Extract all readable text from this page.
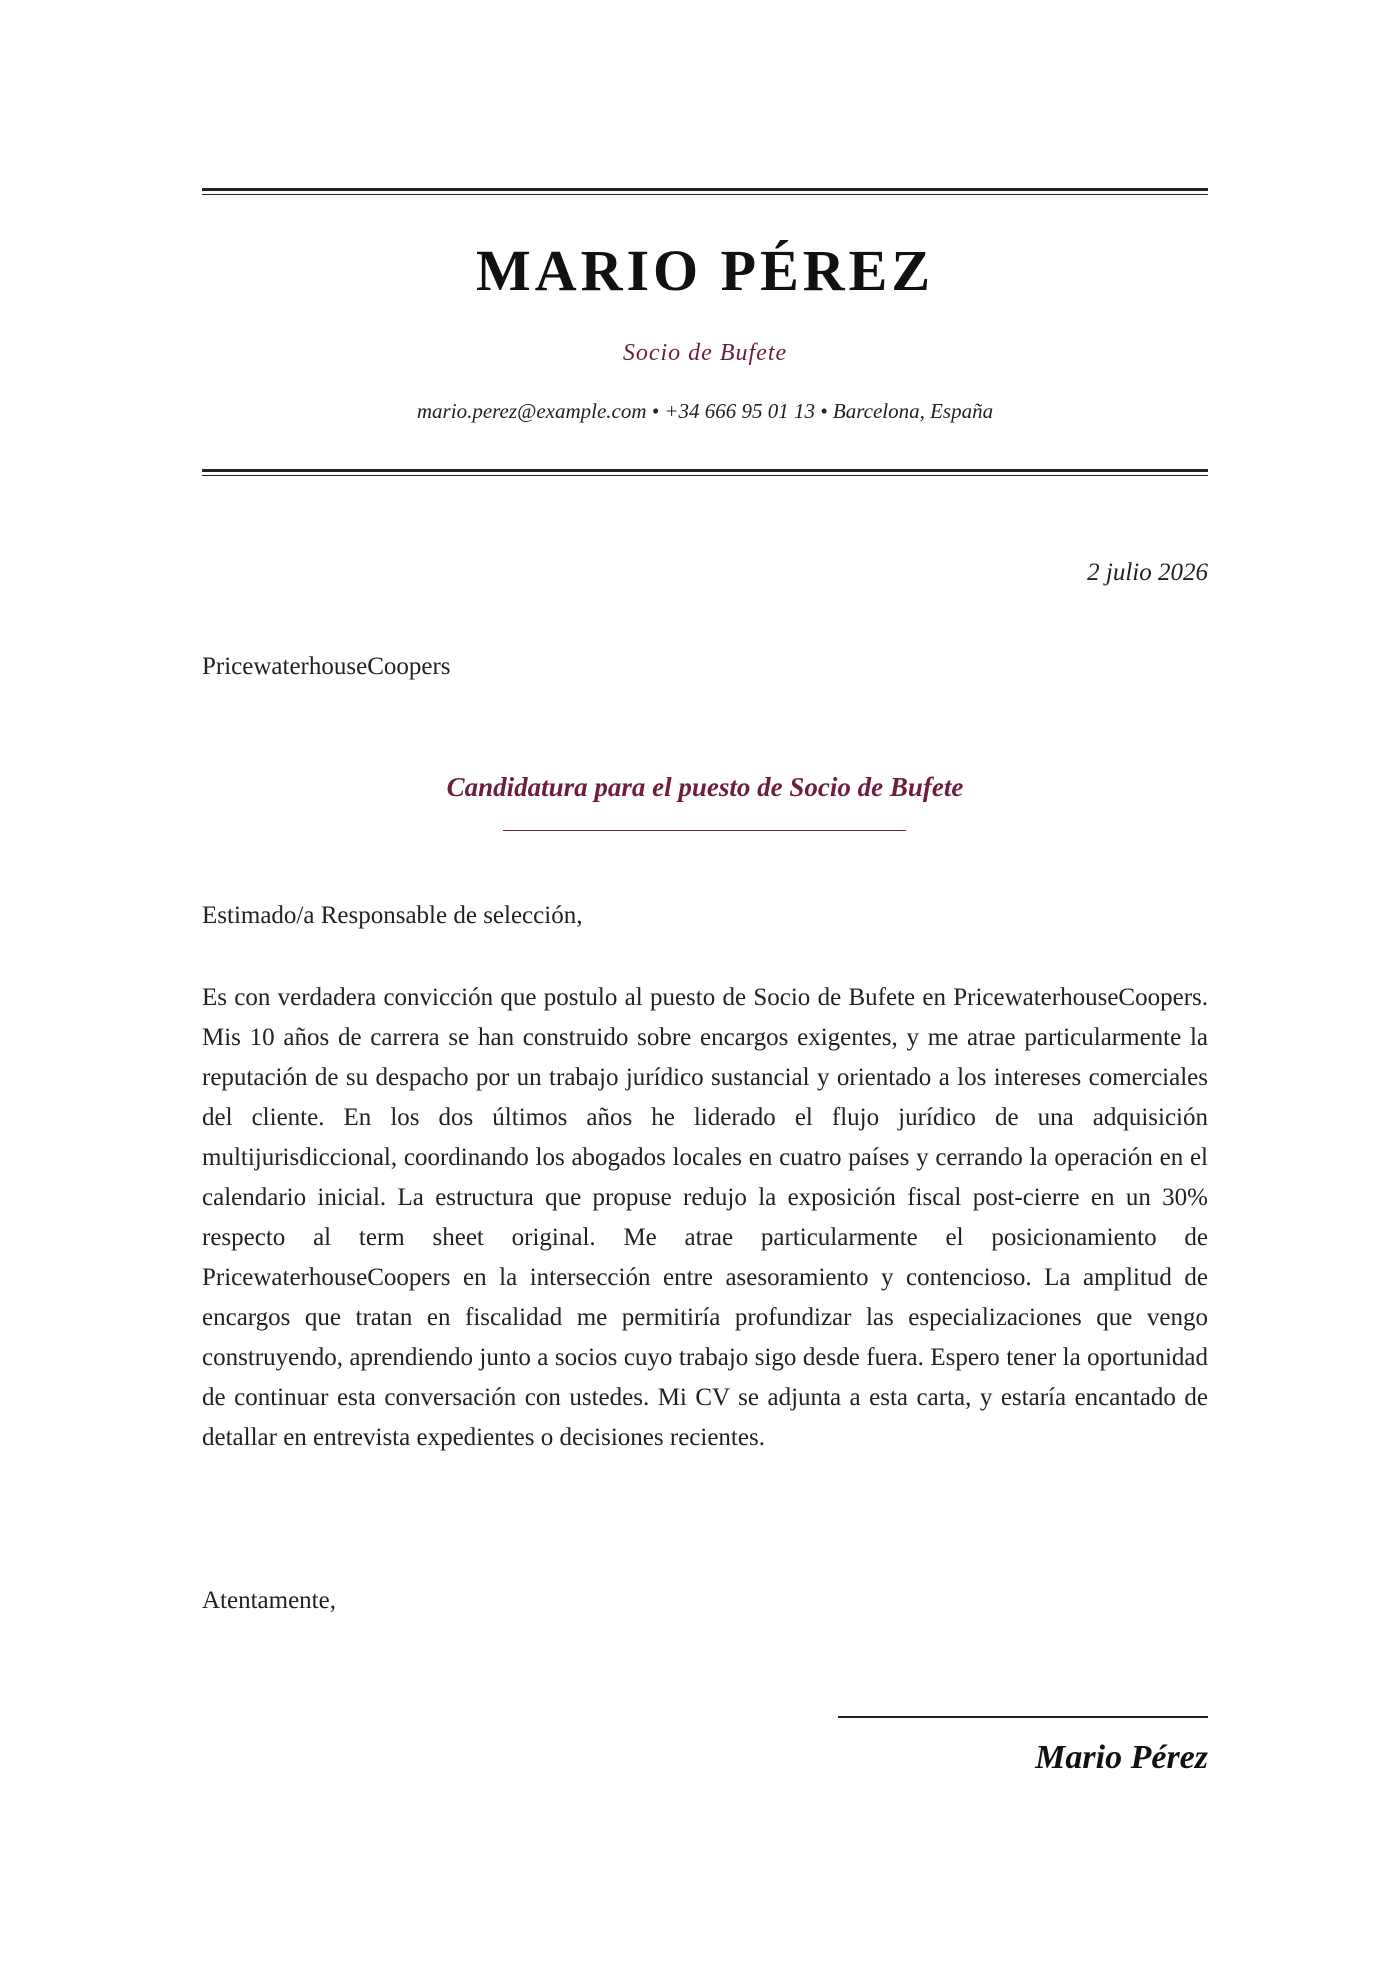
MARIO PÉREZ
Socio de Bufete
mario.perez@example.com • +34 666 95 01 13 • Barcelona, España
2 julio 2026
PricewaterhouseCoopers
Candidatura para el puesto de Socio de Bufete
Estimado/a Responsable de selección,

Es con verdadera convicción que postulo al puesto de Socio de Bufete en PricewaterhouseCoopers. Mis 10 años de carrera se han construido sobre encargos exigentes, y me atrae particularmente la reputación de su despacho por un trabajo jurídico sustancial y orientado a los intereses comerciales del cliente. En los dos últimos años he liderado el flujo jurídico de una adquisición multijurisdiccional, coordinando los abogados locales en cuatro países y cerrando la operación en el calendario inicial. La estructura que propuse redujo la exposición fiscal post-cierre en un 30% respecto al term sheet original. Me atrae particularmente el posicionamiento de PricewaterhouseCoopers en la intersección entre asesoramiento y contencioso. La amplitud de encargos que tratan en fiscalidad me permitiría profundizar las especializaciones que vengo construyendo, aprendiendo junto a socios cuyo trabajo sigo desde fuera. Espero tener la oportunidad de continuar esta conversación con ustedes. Mi CV se adjunta a esta carta, y estaría encantado de detallar en entrevista expedientes o decisiones recientes.

Atentamente,
Mario Pérez
